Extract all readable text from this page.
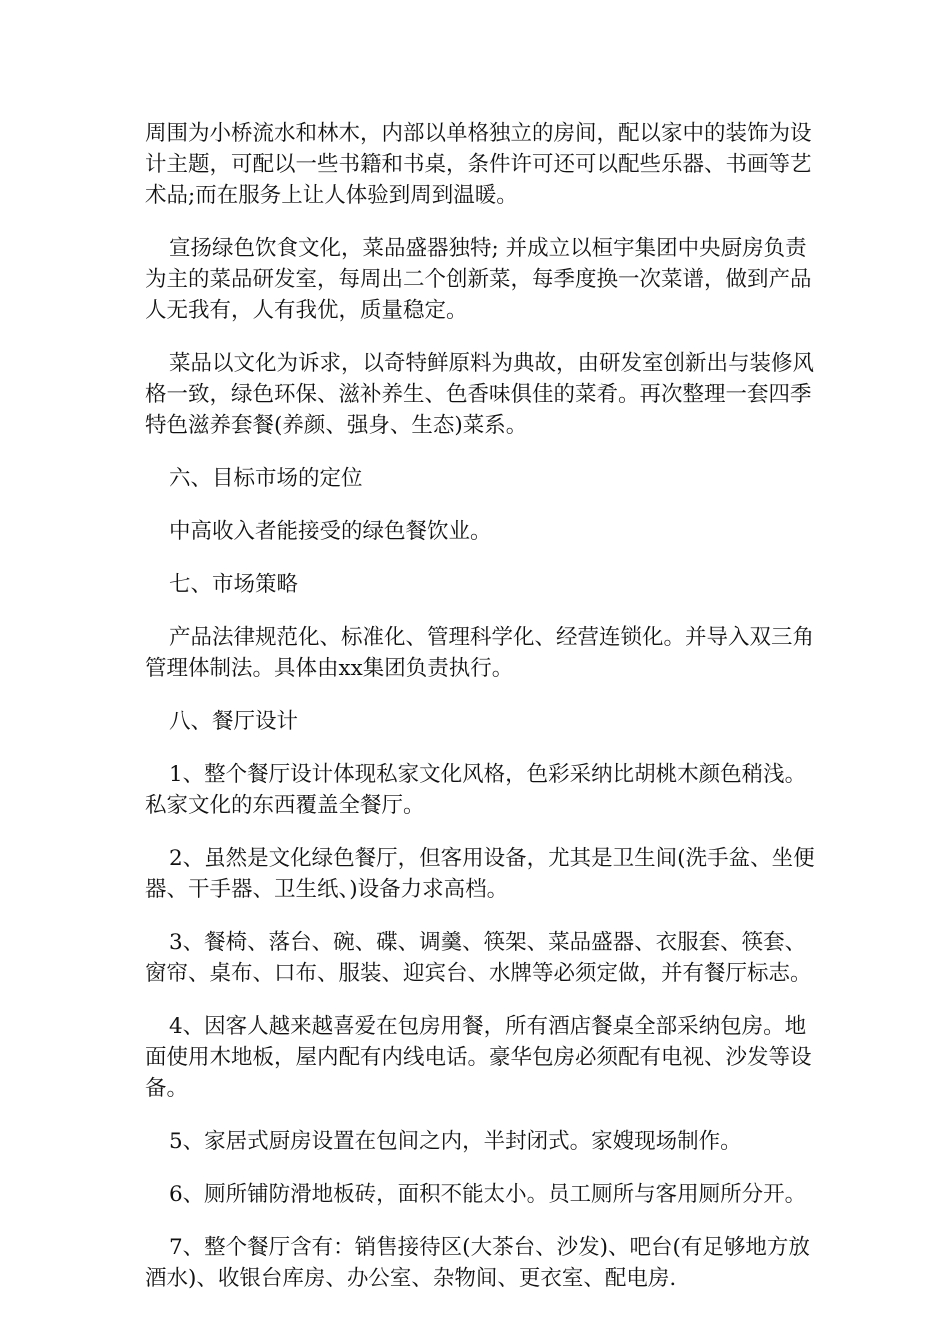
周围为小桥流水和林木，内部以单格独立的房间，配以家中的装饰为设计主题，可配以一些书籍和书桌，条件许可还可以配些乐器、书画等艺术品;而在服务上让人体验到周到温暖。

宣扬绿色饮食文化，菜品盛器独特; 并成立以桓宇集团中央厨房负责为主的菜品研发室，每周出二个创新菜，每季度换一次菜谱，做到产品人无我有，人有我优，质量稳定。

菜品以文化为诉求，以奇特鲜原料为典故，由研发室创新出与装修风格一致，绿色环保、滋补养生、色香味俱佳的菜肴。再次整理一套四季特色滋养套餐(养颜、强身、生态)菜系。

六、目标市场的定位

中高收入者能接受的绿色餐饮业。

七、市场策略

产品法律规范化、标准化、管理科学化、经营连锁化。并导入双三角管理体制法。具体由xx集团负责执行。

八、餐厅设计

1、整个餐厅设计体现私家文化风格，色彩采纳比胡桃木颜色稍浅。私家文化的东西覆盖全餐厅。

2、虽然是文化绿色餐厅，但客用设备，尤其是卫生间(洗手盆、坐便器、干手器、卫生纸、)设备力求高档。

3、餐椅、落台、碗、碟、调羹、筷架、菜品盛器、衣服套、筷套、窗帘、桌布、口布、服装、迎宾台、水牌等必须定做，并有餐厅标志。

4、因客人越来越喜爱在包房用餐，所有酒店餐桌全部采纳包房。地面使用木地板，屋内配有内线电话。豪华包房必须配有电视、沙发等设备。

5、家居式厨房设置在包间之内，半封闭式。家嫂现场制作。

6、厕所铺防滑地板砖，面积不能太小。员工厕所与客用厕所分开。

7、整个餐厅含有：销售接待区(大茶台、沙发)、吧台(有足够地方放酒水)、收银台库房、办公室、杂物间、更衣室、配电房.
